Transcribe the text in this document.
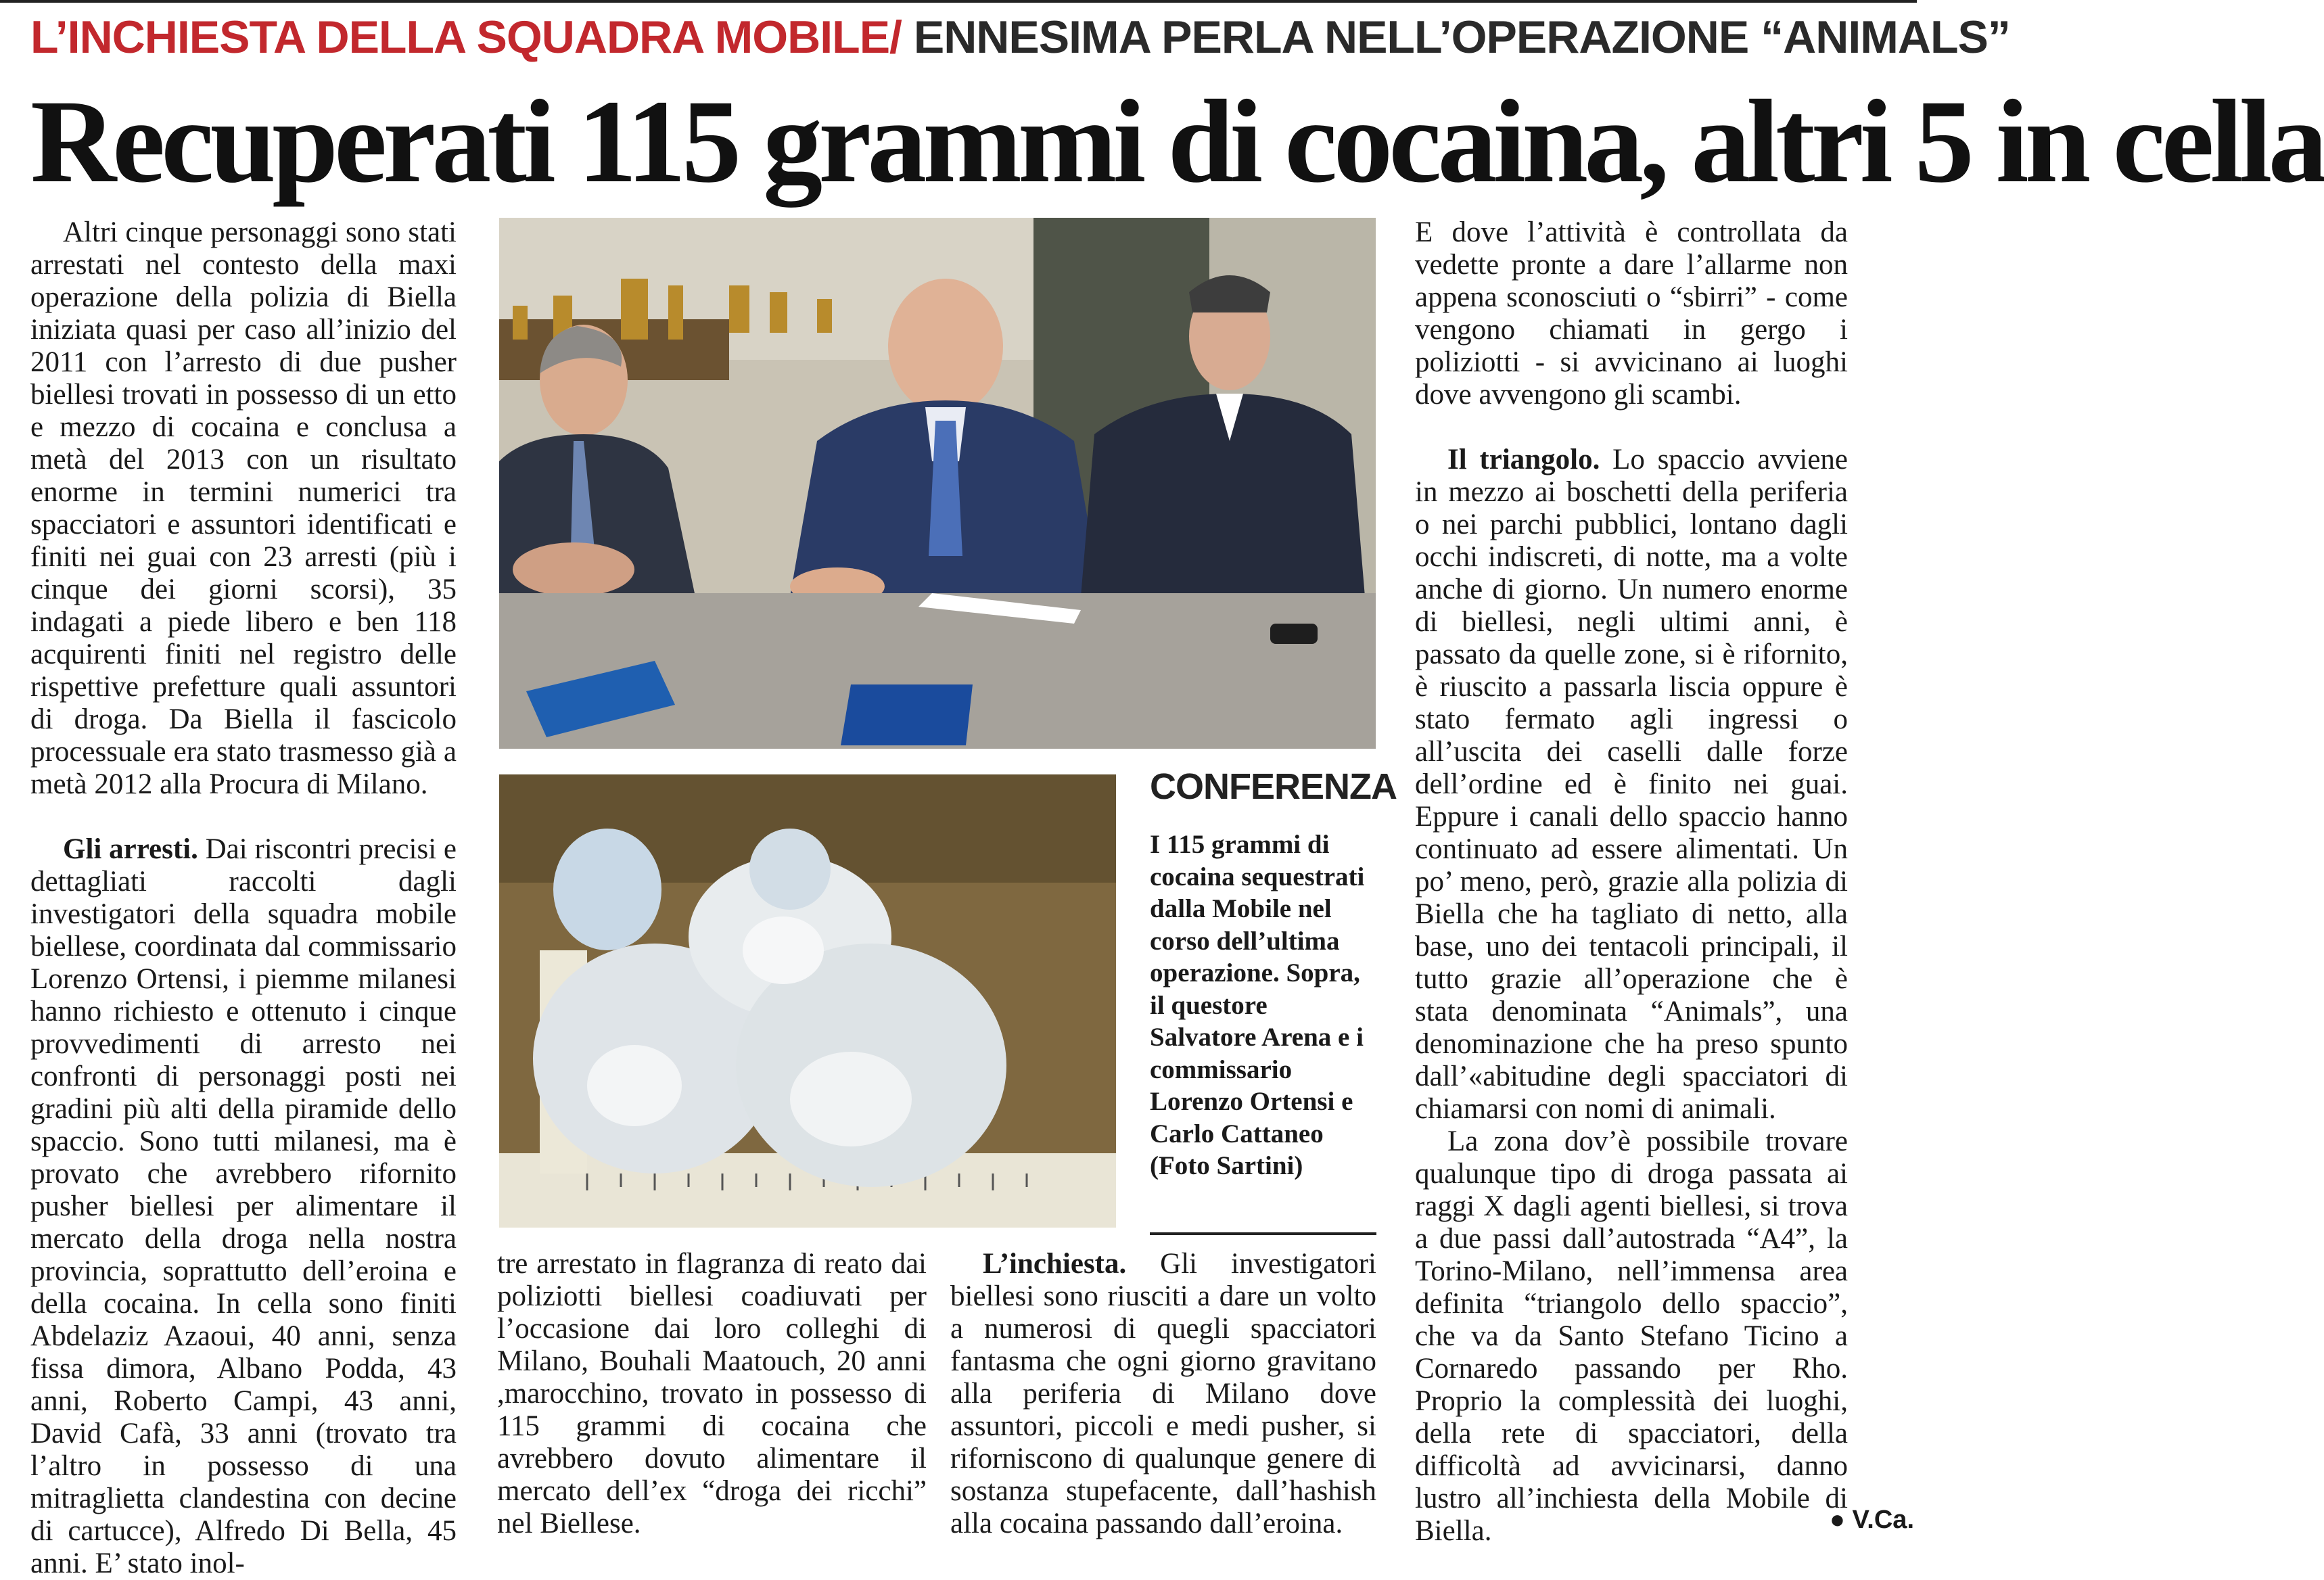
L’INCHIESTA DELLA SQUADRA MOBILE/ ENNESIMA PERLA NELL’OPERAZIONE “ANIMALS”
Recuperati 115 grammi di cocaina, altri 5 in cella

Altri cinque personaggi sono stati arrestati nel contesto della maxi operazione della polizia di Biella iniziata quasi per caso all’inizio del 2011 con l’arresto di due pusher biellesi trovati in possesso di un etto e mezzo di cocaina e conclusa a metà del 2013 con un risultato enorme in termini numerici tra spacciatori e assuntori identificati e finiti nei guai con 23 arresti (più i cinque dei giorni scorsi), 35 indagati a piede libero e ben 118 acquirenti finiti nel registro delle rispettive prefetture quali assuntori di droga. Da Biella il fascicolo processuale era stato trasmesso già a metà 2012 alla Procura di Milano.

Gli arresti. Dai riscontri precisi e dettagliati raccolti dagli investigatori della squadra mobile biellese, coordinata dal commissario Lorenzo Ortensi, i piemme milanesi hanno richiesto e ottenuto i cinque provvedimenti di arresto nei confronti di personaggi posti nei gradini più alti della piramide dello spaccio. Sono tutti milanesi, ma è provato che avrebbero rifornito pusher biellesi per alimentare il mercato della droga nella nostra provincia, soprattutto dell’eroina e della cocaina. In cella sono finiti Abdelaziz Azaoui, 40 anni, senza fissa dimora, Albano Podda, 43 anni, Roberto Campi, 43 anni, David Cafà, 33 anni (trovato tra l’altro in possesso di una mitraglietta clandestina con decine di cartucce), Alfredo Di Bella, 45 anni. E’ stato inol-

CONFERENZA
I 115 grammi di cocaina sequestrati dalla Mobile nel corso dell’ultima operazione. Sopra, il questore Salvatore Arena e i commissario Lorenzo Ortensi e Carlo Cattaneo (Foto Sartini)

tre arrestato in flagranza di reato dai poliziotti biellesi coadiuvati per l’occasione dai loro colleghi di Milano, Bouhali Maatouch, 20 anni ,marocchino, trovato in possesso di 115 grammi di cocaina che avrebbero dovuto alimentare il mercato dell’ex “droga dei ricchi” nel Biellese.

L’inchiesta. Gli investigatori biellesi sono riusciti a dare un volto a numerosi di quegli spacciatori fantasma che ogni giorno gravitano alla periferia di Milano dove assuntori, piccoli e medi pusher, si riforniscono di qualunque genere di sostanza stupefacente, dall’hashish alla cocaina passando dall’eroina.

E dove l’attività è controllata da vedette pronte a dare l’allarme non appena sconosciuti o “sbirri” - come vengono chiamati in gergo i poliziotti - si avvicinano ai luoghi dove avvengono gli scambi.

Il triangolo. Lo spaccio avviene in mezzo ai boschetti della periferia o nei parchi pubblici, lontano dagli occhi indiscreti, di notte, ma a volte anche di giorno. Un numero enorme di biellesi, negli ultimi anni, è passato da quelle zone, si è rifornito, è riuscito a passarla liscia oppure è stato fermato agli ingressi o all’uscita dei caselli dalle forze dell’ordine ed è finito nei guai. Eppure i canali dello spaccio hanno continuato ad essere alimentati. Un po’ meno, però, grazie alla polizia di Biella che ha tagliato di netto, alla base, uno dei tentacoli principali, il tutto grazie all’operazione che è stata denominata “Animals”, una denominazione che ha preso spunto dall’«abitudine degli spacciatori di chiamarsi con nomi di animali.

La zona dov’è possibile trovare qualunque tipo di droga passata ai raggi X dagli agenti biellesi, si trova a due passi dall’autostrada “A4”, la Torino-Milano, nell’immensa area definita “triangolo dello spaccio”, che va da Santo Stefano Ticino a Cornaredo passando per Rho. Proprio la complessità dei luoghi, della rete di spacciatori, della difficoltà ad avvicinarsi, danno lustro all’inchiesta della Mobile di Biella.	● V.Ca.
